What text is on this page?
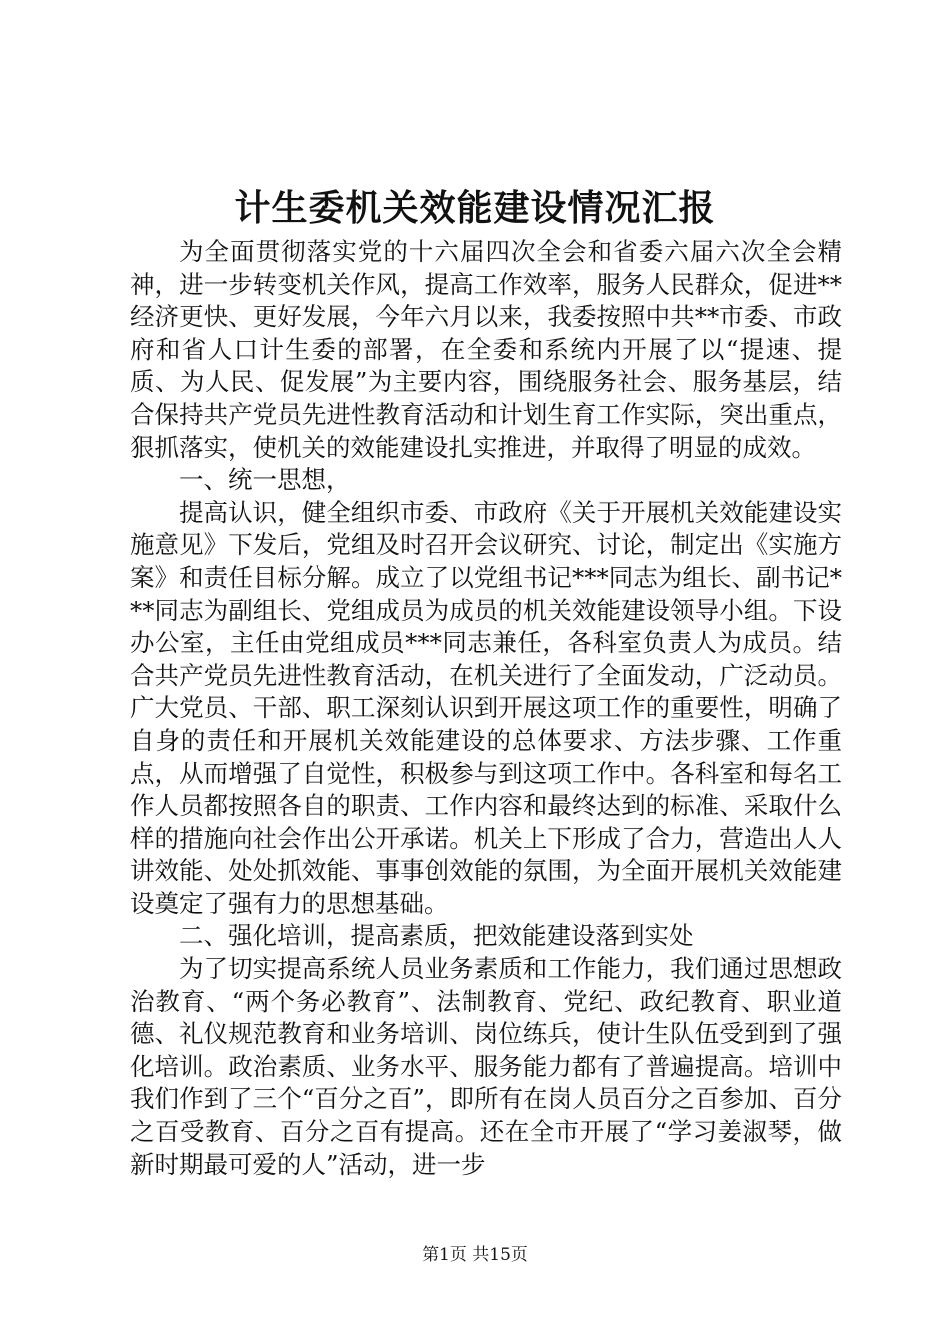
计生委机关效能建设情况汇报

为全面贯彻落实党的十六届四次全会和省委六届六次全会精神，进一步转变机关作风，提高工作效率，服务人民群众，促进**经济更快、更好发展，今年六月以来，我委按照中共**市委、市政府和省人口计生委的部署，在全委和系统内开展了以“提速、提质、为人民、促发展”为主要内容，围绕服务社会、服务基层，结合保持共产党员先进性教育活动和计划生育工作实际，突出重点，狠抓落实，使机关的效能建设扎实推进，并取得了明显的成效。

一、统一思想，

提高认识，健全组织市委、市政府《关于开展机关效能建设实施意见》下发后，党组及时召开会议研究、讨论，制定出《实施方案》和责任目标分解。成立了以党组书记***同志为组长、副书记***同志为副组长、党组成员为成员的机关效能建设领导小组。下设办公室，主任由党组成员***同志兼任，各科室负责人为成员。结合共产党员先进性教育活动，在机关进行了全面发动，广泛动员。广大党员、干部、职工深刻认识到开展这项工作的重要性，明确了自身的责任和开展机关效能建设的总体要求、方法步骤、工作重点，从而增强了自觉性，积极参与到这项工作中。各科室和每名工作人员都按照各自的职责、工作内容和最终达到的标准、采取什么样的措施向社会作出公开承诺。机关上下形成了合力，营造出人人讲效能、处处抓效能、事事创效能的氛围，为全面开展机关效能建设奠定了强有力的思想基础。

二、强化培训，提高素质，把效能建设落到实处

为了切实提高系统人员业务素质和工作能力，我们通过思想政治教育、“两个务必教育”、法制教育、党纪、政纪教育、职业道德、礼仪规范教育和业务培训、岗位练兵，使计生队伍受到到了强化培训。政治素质、业务水平、服务能力都有了普遍提高。培训中我们作到了三个“百分之百”，即所有在岗人员百分之百参加、百分之百受教育、百分之百有提高。还在全市开展了“学习姜淑琴，做新时期最可爱的人”活动，进一步

第1页 共15页
